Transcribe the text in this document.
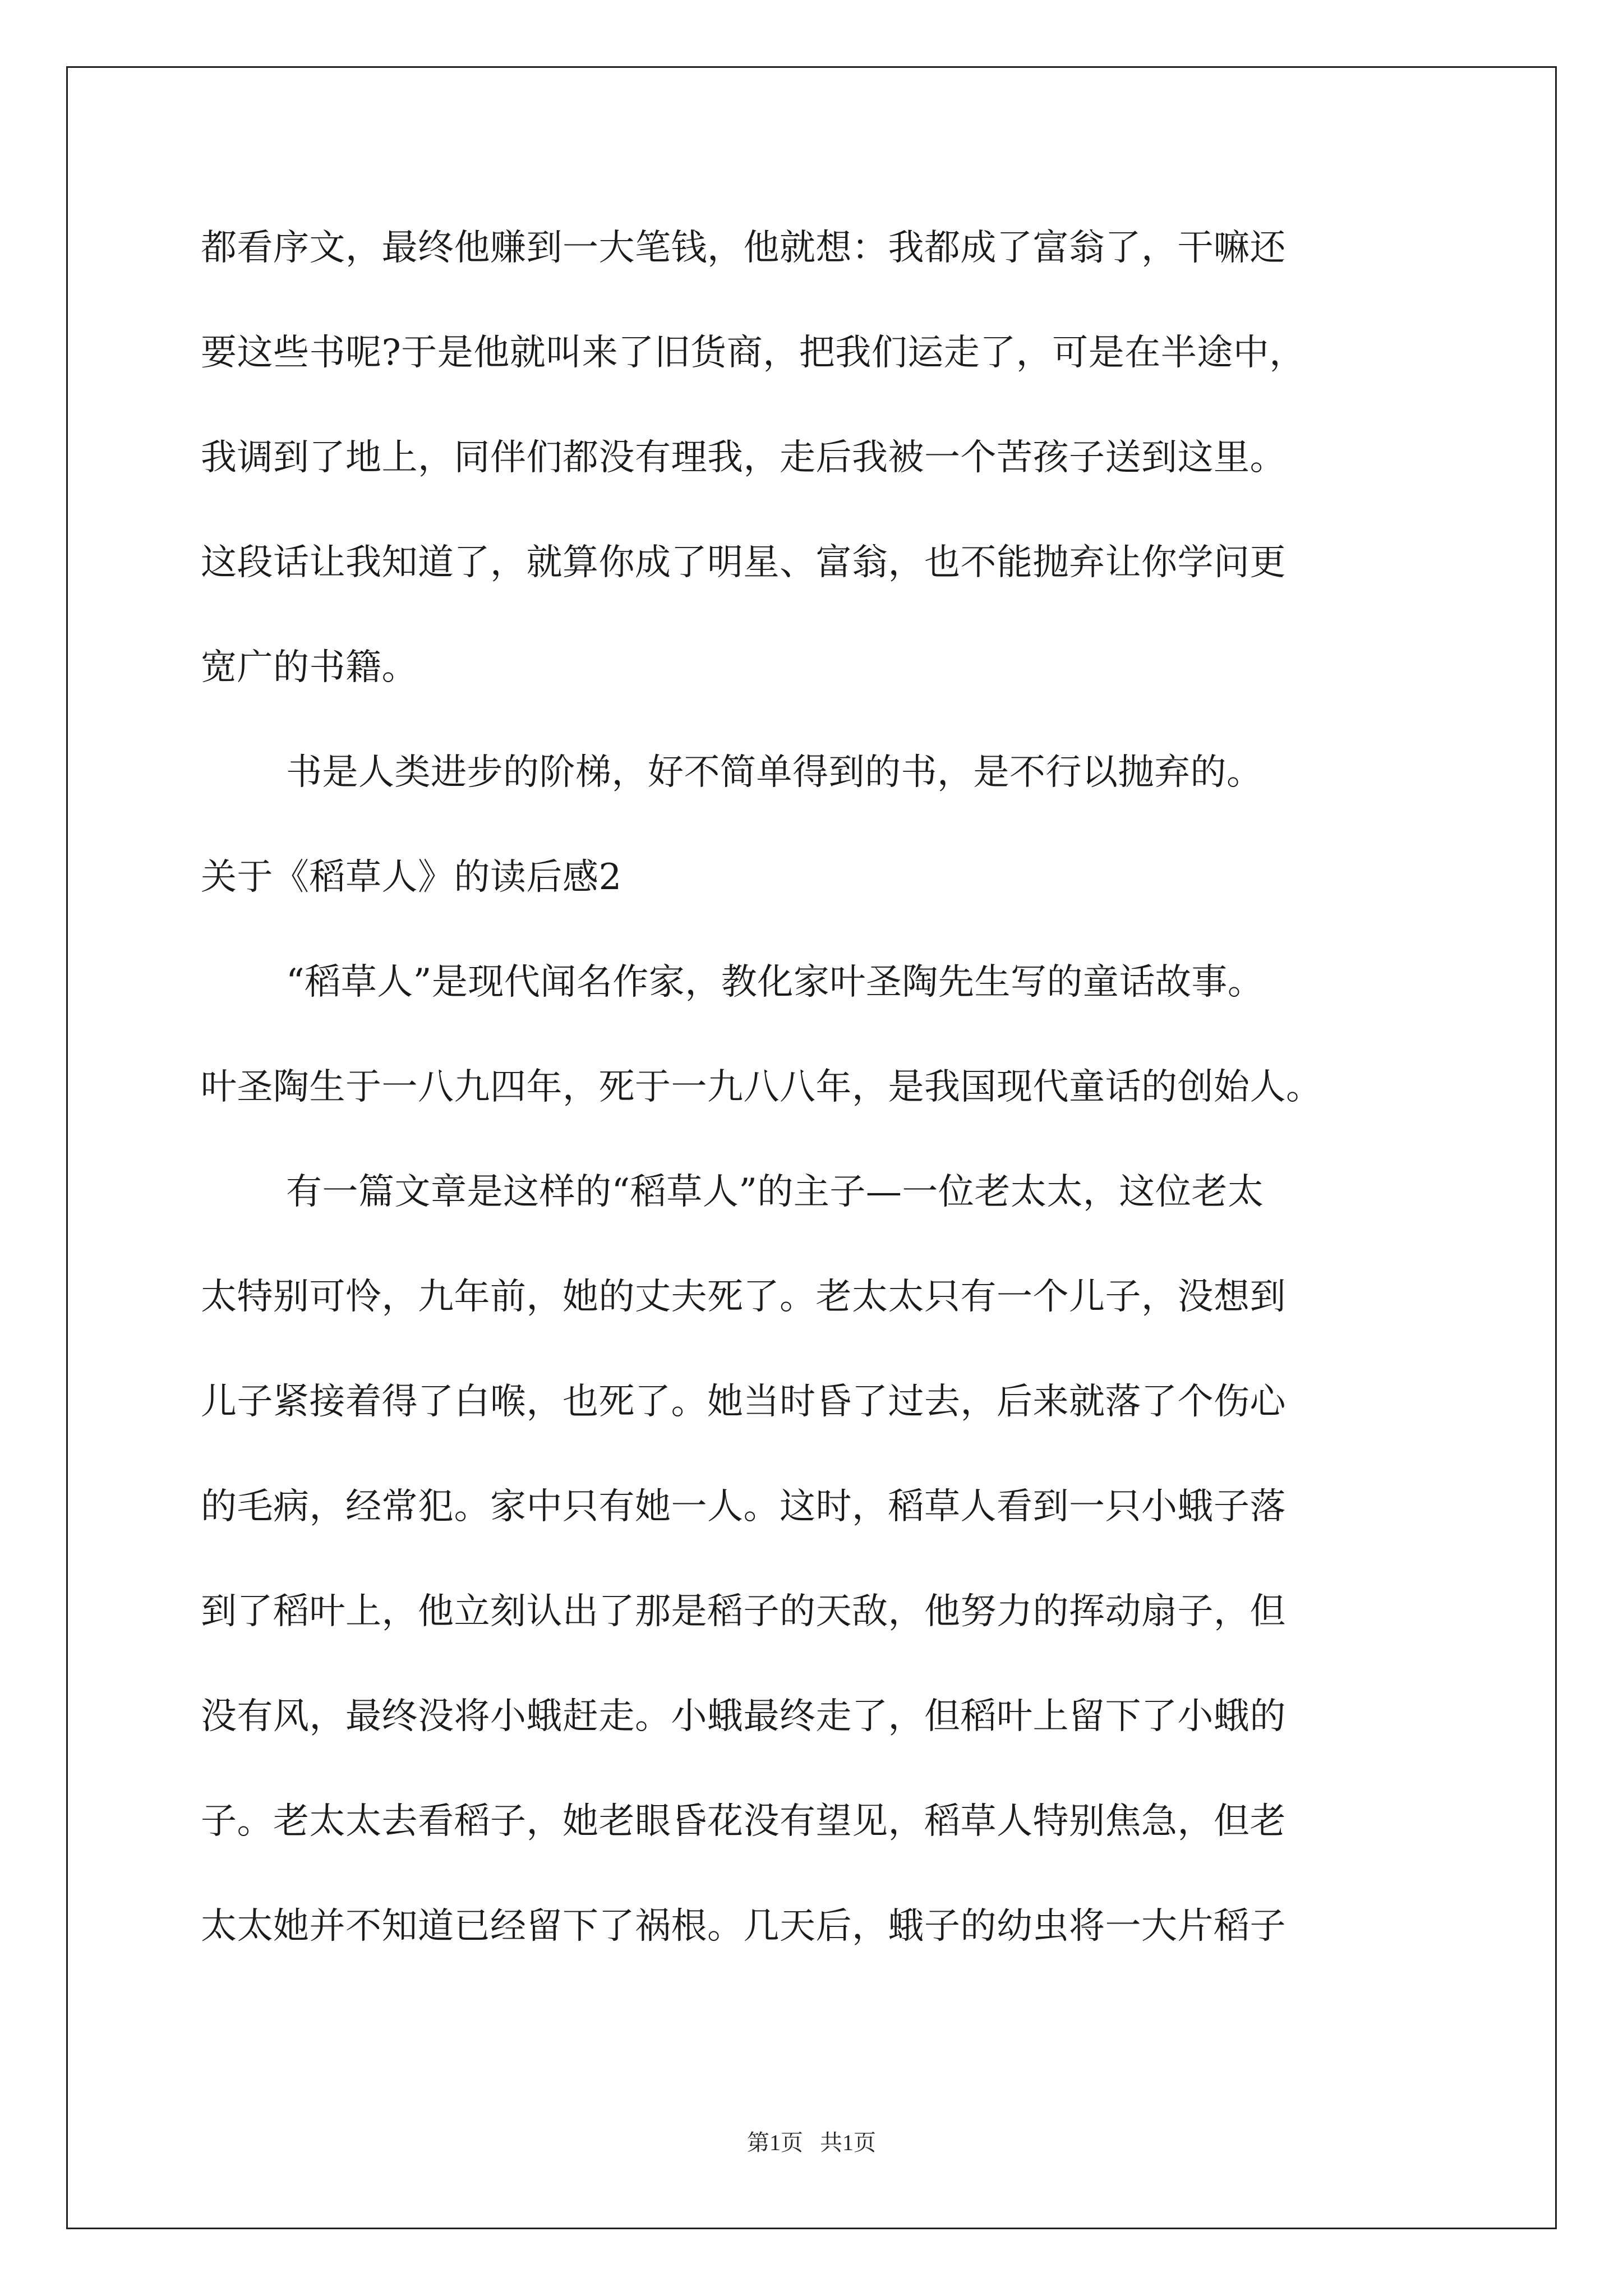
都看序文，最终他赚到一大笔钱，他就想：我都成了富翁了，干嘛还
要这些书呢?于是他就叫来了旧货商，把我们运走了，可是在半途中，
我调到了地上，同伴们都没有理我，走后我被一个苦孩子送到这里。
这段话让我知道了，就算你成了明星、富翁，也不能抛弃让你学问更
宽广的书籍。
书是人类进步的阶梯，好不简单得到的书，是不行以抛弃的。
关于《稻草人》的读后感2
“稻草人”是现代闻名作家，教化家叶圣陶先生写的童话故事。
叶圣陶生于一八九四年，死于一九八八年，是我国现代童话的创始人。
有一篇文章是这样的“稻草人”的主子—一位老太太，这位老太
太特别可怜，九年前，她的丈夫死了。老太太只有一个儿子，没想到
儿子紧接着得了白喉，也死了。她当时昏了过去，后来就落了个伤心
的毛病，经常犯。家中只有她一人。这时，稻草人看到一只小蛾子落
到了稻叶上，他立刻认出了那是稻子的天敌，他努力的挥动扇子，但
没有风，最终没将小蛾赶走。小蛾最终走了，但稻叶上留下了小蛾的
子。老太太去看稻子，她老眼昏花没有望见，稻草人特别焦急，但老
太太她并不知道已经留下了祸根。几天后，蛾子的幼虫将一大片稻子
第1页   共1页
